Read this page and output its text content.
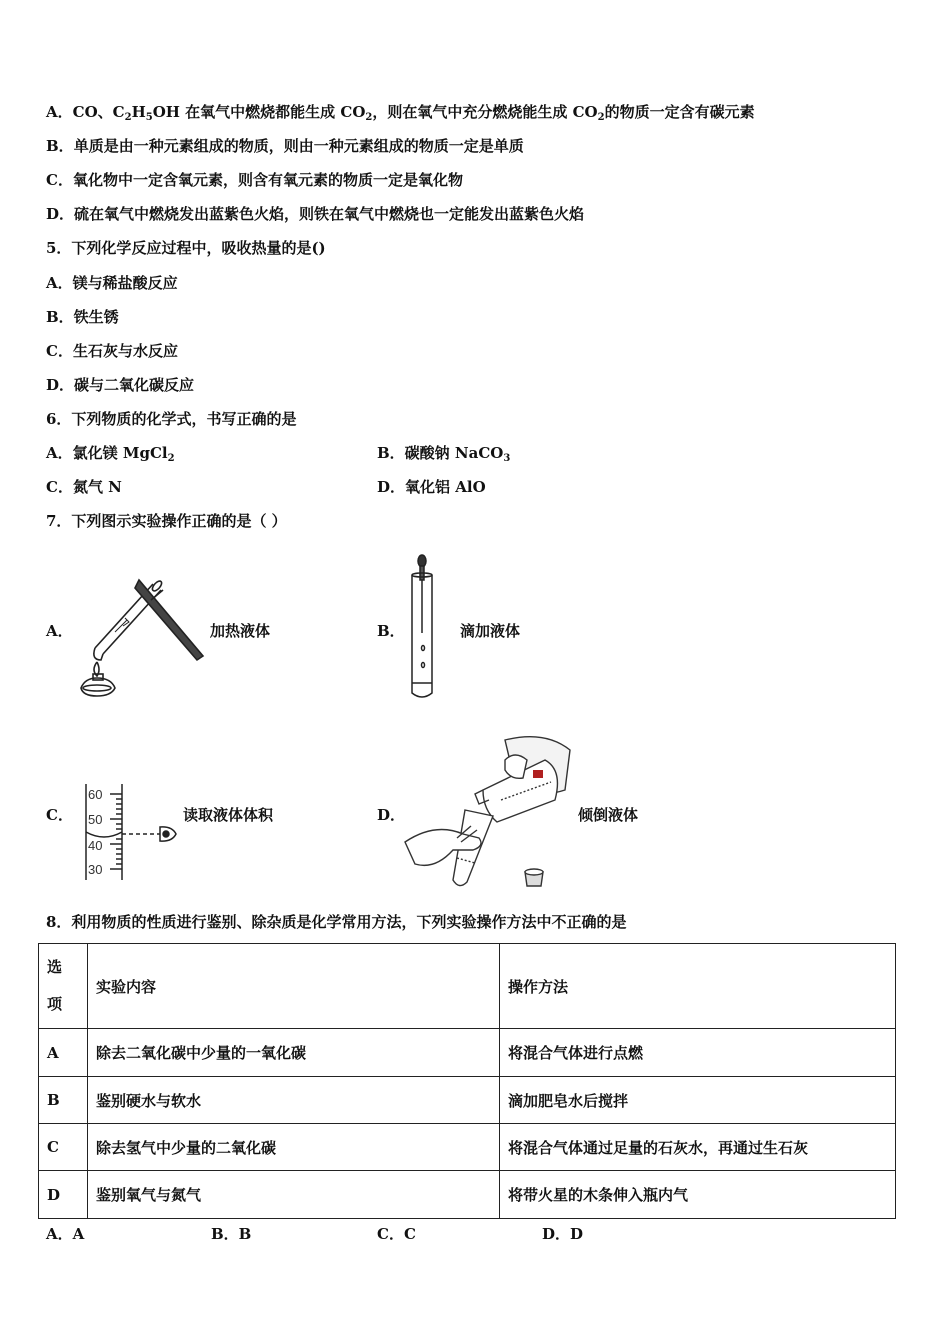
A．CO、$C_2H_5OH$ 在氧气中燃烧都能生成 $CO_2$，则在氧气中充分燃烧能生成 $CO_2$的物质一定含有碳元素
B．单质是由一种元素组成的物质，则由一种元素组成的物质一定是单质
C．氧化物中一定含氧元素，则含有氧元素的物质一定是氧化物
D．硫在氧气中燃烧发出蓝紫色火焰，则铁在氧气中燃烧也一定能发出蓝紫色火焰
5．下列化学反应过程中，吸收热量的是()
A．镁与稀盐酸反应
B．铁生锈
C．生石灰与水反应
D．碳与二氧化碳反应
6．下列物质的化学式，书写正确的是
A．氯化镁 MgCl$_2$	B．碳酸钠 NaCO$_3$
C．氮气 N	D．氧化铝 AlO
7．下列图示实验操作正确的是（ ）
A．	加热液体	B．	滴加液体
C．
60
50
40
30
读取液体体积	D．	倾倒液体
8．利用物质的性质进行鉴别、除杂质是化学常用方法，下列实验操作方法中不正确的是
选
项	实验内容	操作方法
A	除去二氧化碳中少量的一氧化碳	将混合气体进行点燃
B	鉴别硬水与软水	滴加肥皂水后搅拌
C	除去氢气中少量的二氧化碳	将混合气体通过足量的石灰水，再通过生石灰
D	鉴别氧气与氮气	将带火星的木条伸入瓶内气
A．A	B．B	C．C	D．D
